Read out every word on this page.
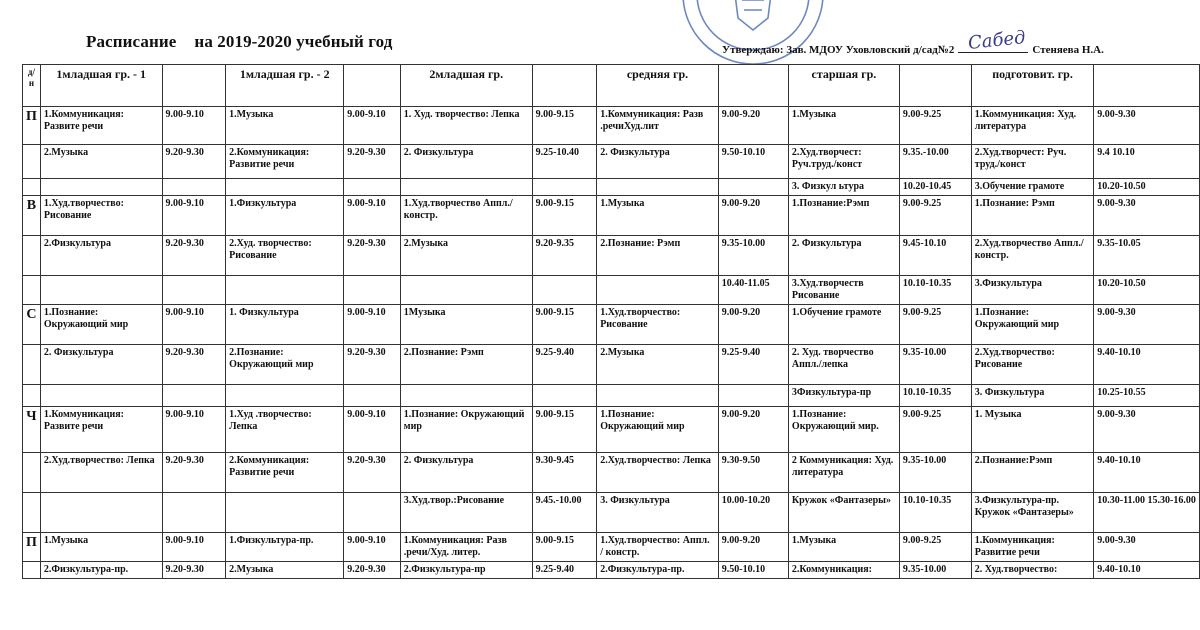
Расписание на 2019-2020 учебный год	Утверждаю: Зав. МДОУ Уховловский д/сад№2	Стеняева Н.А.
Сабед
д/н	1младшая гр. - 1		1младшая гр. - 2		2младшая гр.		средняя гр.		старшая гр.		подготовит. гр.	
П	1.Коммуникация: Развите речи	9.00-9.10	1.Музыка	9.00-9.10	1. Худ. творчество: Лепка	9.00-9.15	1.Коммуникация: Разв .речиХуд.лит	9.00-9.20	1.Музыка	9.00-9.25	1.Коммуникация: Худ. литература	9.00-9.30
	2.Музыка	9.20-9.30	2.Коммуникация: Развитие речи	9.20-9.30	2. Физкультура	9.25-10.40	2. Физкультура	9.50-10.10	2.Худ.творчест: Руч.труд./конст	9.35.-10.00	2.Худ.творчест: Руч. труд./конст	9.4 10.10
									3. Физкул ьтура	10.20-10.45	3.Обучение грамоте	10.20-10.50
В	1.Худ.творчество: Рисование	9.00-9.10	1.Физкультура	9.00-9.10	1.Худ.творчество Аппл./констр.	9.00-9.15	1.Музыка	9.00-9.20	1.Познание:Рэмп	9.00-9.25	1.Познание: Рэмп	9.00-9.30
	2.Физкультура	9.20-9.30	2.Худ. творчество: Рисование	9.20-9.30	2.Музыка	9.20-9.35	2.Познание: Рэмп	9.35-10.00	2. Физкультура	9.45-10.10	2.Худ.творчество Аппл./констр.	9.35-10.05
								10.40-11.05	3.Худ.творчеств Рисование	10.10-10.35	3.Физкультура	10.20-10.50
С	1.Познание: Окружающий мир	9.00-9.10	1. Физкультура	9.00-9.10	1Музыка	9.00-9.15	1.Худ.творчество: Рисование	9.00-9.20	1.Обучение грамоте	9.00-9.25	1.Познание: Окружающий мир	9.00-9.30
	2. Физкультура	9.20-9.30	2.Познание: Окружающий мир	9.20-9.30	2.Познание: Рэмп	9.25-9.40	2.Музыка	9.25-9.40	2. Худ. творчество Аппл./лепка	9.35-10.00	2.Худ.творчество: Рисование	9.40-10.10
									3Физкультура-пр	10.10-10.35	3. Физкультура	10.25-10.55
Ч	1.Коммуникация: Развите речи	9.00-9.10	1.Худ .творчество: Лепка	9.00-9.10	1.Познание: Окружающий мир	9.00-9.15	1.Познание: Окружающий мир	9.00-9.20	1.Познание: Окружающий мир.	9.00-9.25	1. Музыка	9.00-9.30
	2.Худ.творчество: Лепка	9.20-9.30	2.Коммуникация: Развитие речи	9.20-9.30	2. Физкультура	9.30-9.45	2.Худ.творчество: Лепка	9.30-9.50	2 Коммуникация: Худ. литература	9.35-10.00	2.Познание:Рэмп	9.40-10.10
					3.Худ.твор.:Рисование	9.45.-10.00	3. Физкультура	10.00-10.20	Кружок «Фантазеры»	10.10-10.35	3.Физкультура-пр. Кружок «Фантазеры»	10.30-11.00 15.30-16.00
П	1.Музыка	9.00-9.10	1.Физкультура-пр.	9.00-9.10	1.Коммуникация: Разв .речи/Худ. литер.	9.00-9.15	1.Худ.творчество: Аппл. / констр.	9.00-9.20	1.Музыка	9.00-9.25	1.Коммуникация: Развитие речи	9.00-9.30
	2.Физкультура-пр.	9.20-9.30	2.Музыка	9.20-9.30	2.Физкультура-пр	9.25-9.40	2.Физкультура-пр.	9.50-10.10	2.Коммуникация:	9.35-10.00	2. Худ.творчество:	9.40-10.10
